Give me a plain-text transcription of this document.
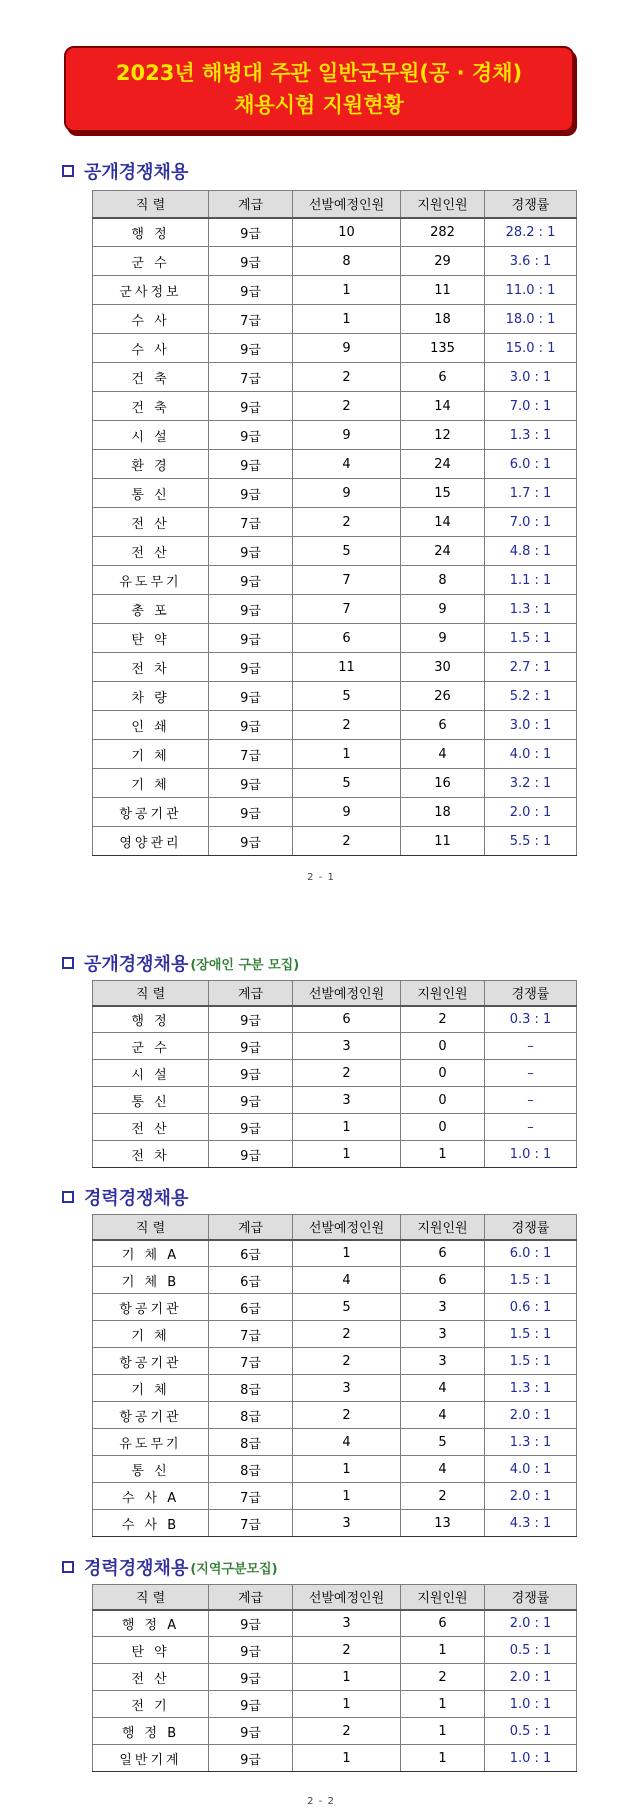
2023년 해병대 주관 일반군무원(공 · 경채)
채용시험 지원현황
공개경쟁채용
직 렬	계급	선발예정인원	지원인원	경쟁률
행 정	9급	10	282	28.2 : 1
군 수	9급	8	29	3.6 : 1
군사정보	9급	1	11	11.0 : 1
수 사	7급	1	18	18.0 : 1
수 사	9급	9	135	15.0 : 1
건 축	7급	2	6	3.0 : 1
건 축	9급	2	14	7.0 : 1
시 설	9급	9	12	1.3 : 1
환 경	9급	4	24	6.0 : 1
통 신	9급	9	15	1.7 : 1
전 산	7급	2	14	7.0 : 1
전 산	9급	5	24	4.8 : 1
유도무기	9급	7	8	1.1 : 1
총 포	9급	7	9	1.3 : 1
탄 약	9급	6	9	1.5 : 1
전 차	9급	11	30	2.7 : 1
차 량	9급	5	26	5.2 : 1
인 쇄	9급	2	6	3.0 : 1
기 체	7급	1	4	4.0 : 1
기 체	9급	5	16	3.2 : 1
항공기관	9급	9	18	2.0 : 1
영양관리	9급	2	11	5.5 : 1
2 - 1
공개경쟁채용 (장애인 구분 모집)
직 렬	계급	선발예정인원	지원인원	경쟁률
행 정	9급	6	2	0.3 : 1
군 수	9급	3	0	–
시 설	9급	2	0	–
통 신	9급	3	0	–
전 산	9급	1	0	–
전 차	9급	1	1	1.0 : 1
경력경쟁채용
직 렬	계급	선발예정인원	지원인원	경쟁률
기 체 A	6급	1	6	6.0 : 1
기 체 B	6급	4	6	1.5 : 1
항공기관	6급	5	3	0.6 : 1
기 체	7급	2	3	1.5 : 1
항공기관	7급	2	3	1.5 : 1
기 체	8급	3	4	1.3 : 1
항공기관	8급	2	4	2.0 : 1
유도무기	8급	4	5	1.3 : 1
통 신	8급	1	4	4.0 : 1
수 사 A	7급	1	2	2.0 : 1
수 사 B	7급	3	13	4.3 : 1
경력경쟁채용 (지역구분모집)
직 렬	계급	선발예정인원	지원인원	경쟁률
행 정 A	9급	3	6	2.0 : 1
탄 약	9급	2	1	0.5 : 1
전 산	9급	1	2	2.0 : 1
전 기	9급	1	1	1.0 : 1
행 정 B	9급	2	1	0.5 : 1
일반기계	9급	1	1	1.0 : 1
2 - 2
